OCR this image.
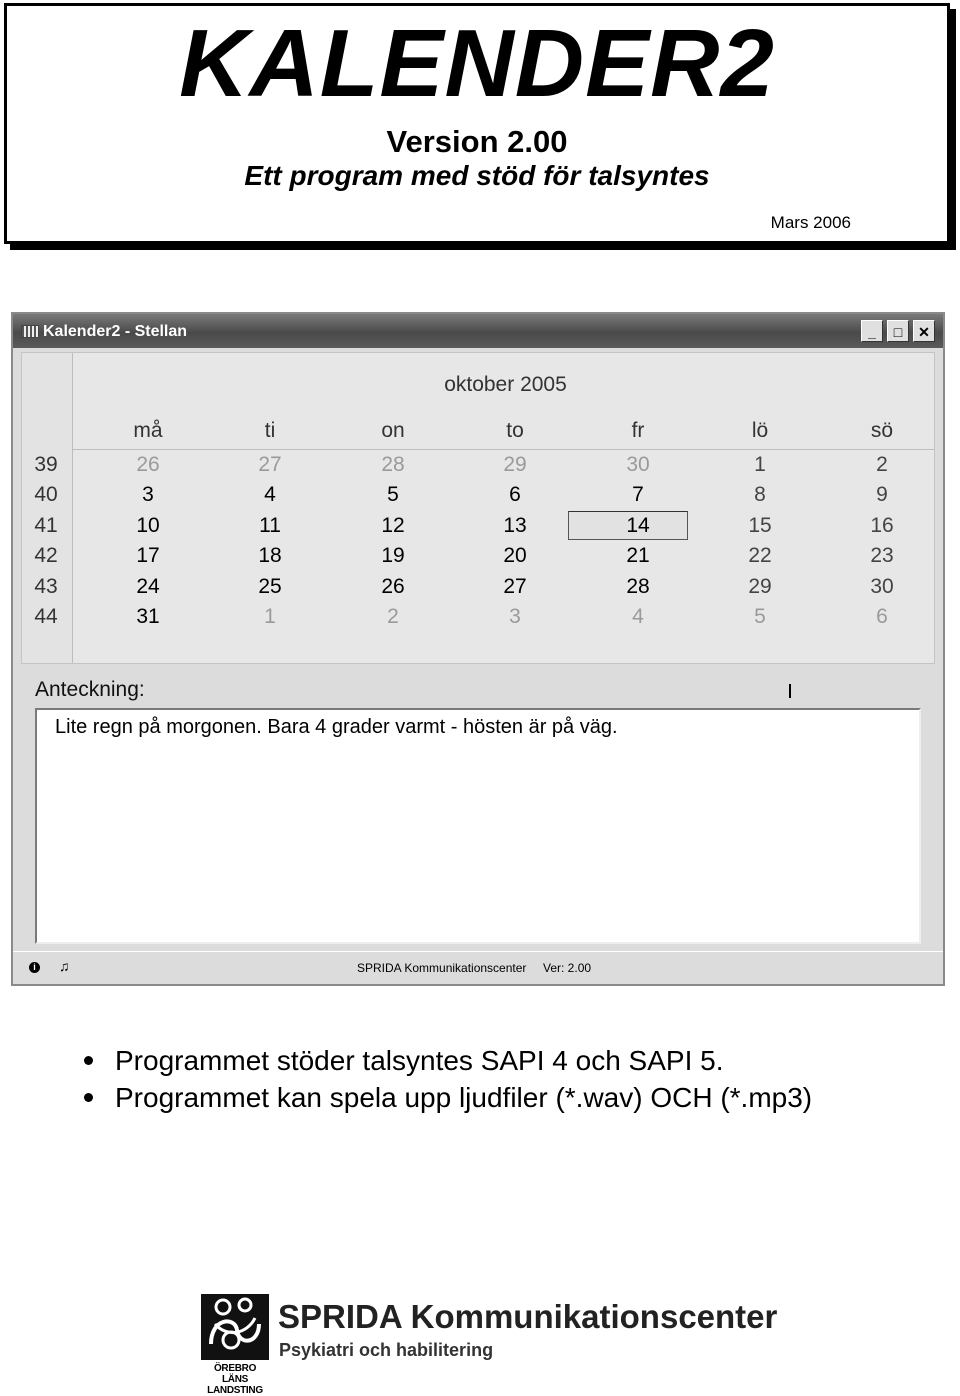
KALENDER2
Version 2.00
Ett program med stöd för talsyntes
Mars 2006
Kalender2 - Stellan	_	□	✕
oktober 2005
må	ti	on	to	fr	lö	sö
39	26	27	28	29	30	1	2
40	3	4	5	6	7	8	9
41	10	11	12	13	14	15	16
42	17	18	19	20	21	22	23
43	24	25	26	27	28	29	30
44	31	1	2	3	4	5	6
Anteckning:
Lite regn på morgonen. Bara 4 grader varmt - hösten är på väg.
i	♫	SPRIDA Kommunikationscenter Ver: 2.00
Programmet stöder talsyntes SAPI 4 och SAPI 5.
Programmet kan spela upp ljudfiler (*.wav) OCH (*.mp3)
ÖREBRO LÄNS LANDSTING
SPRIDA Kommunikationscenter
Psykiatri och habilitering
